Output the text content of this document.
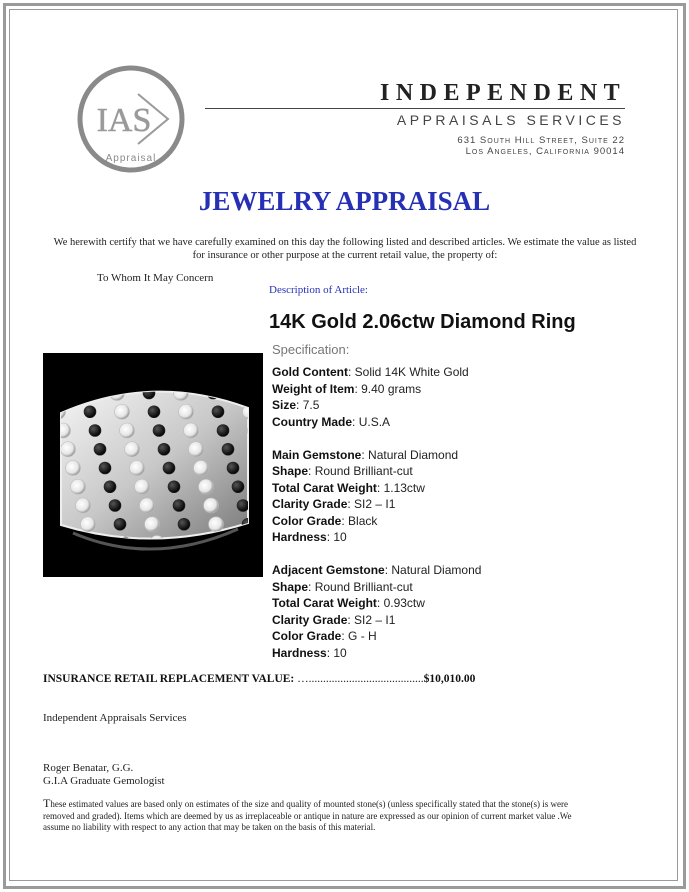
IAS
Appraisal
INDEPENDENT
APPRAISALS SERVICES
631 South Hill Street, Suite 22
Los Angeles, California 90014
JEWELRY APPRAISAL
We herewith certify that we have carefully examined on this day the following listed and described articles. We estimate the value as listed for insurance or other purpose at the current retail value, the property of:
To Whom It May Concern
Description of Article:
14K Gold 2.06ctw Diamond Ring
Specification:
Gold Content: Solid 14K White Gold
Weight of Item: 9.40 grams
Size: 7.5
Country Made: U.S.A
Main Gemstone: Natural Diamond
Shape: Round Brilliant-cut
Total Carat Weight: 1.13ctw
Clarity Grade: SI2 – I1
Color Grade: Black
Hardness: 10
Adjacent Gemstone: Natural Diamond
Shape: Round Brilliant-cut
Total Carat Weight: 0.93ctw
Clarity Grade: SI2 – I1
Color Grade: G - H
Hardness: 10
INSURANCE RETAIL REPLACEMENT VALUE: …........................................$10,010.00
Independent Appraisals Services
Roger Benatar, G.G.
G.I.A Graduate Gemologist
These estimated values are based only on estimates of the size and quality of mounted stone(s) (unless specifically stated that the stone(s) is were removed and graded). Items which are deemed by us as irreplaceable or antique in nature are expressed as our opinion of current market value .We assume no liability with respect to any action that may be taken on the basis of this material.
